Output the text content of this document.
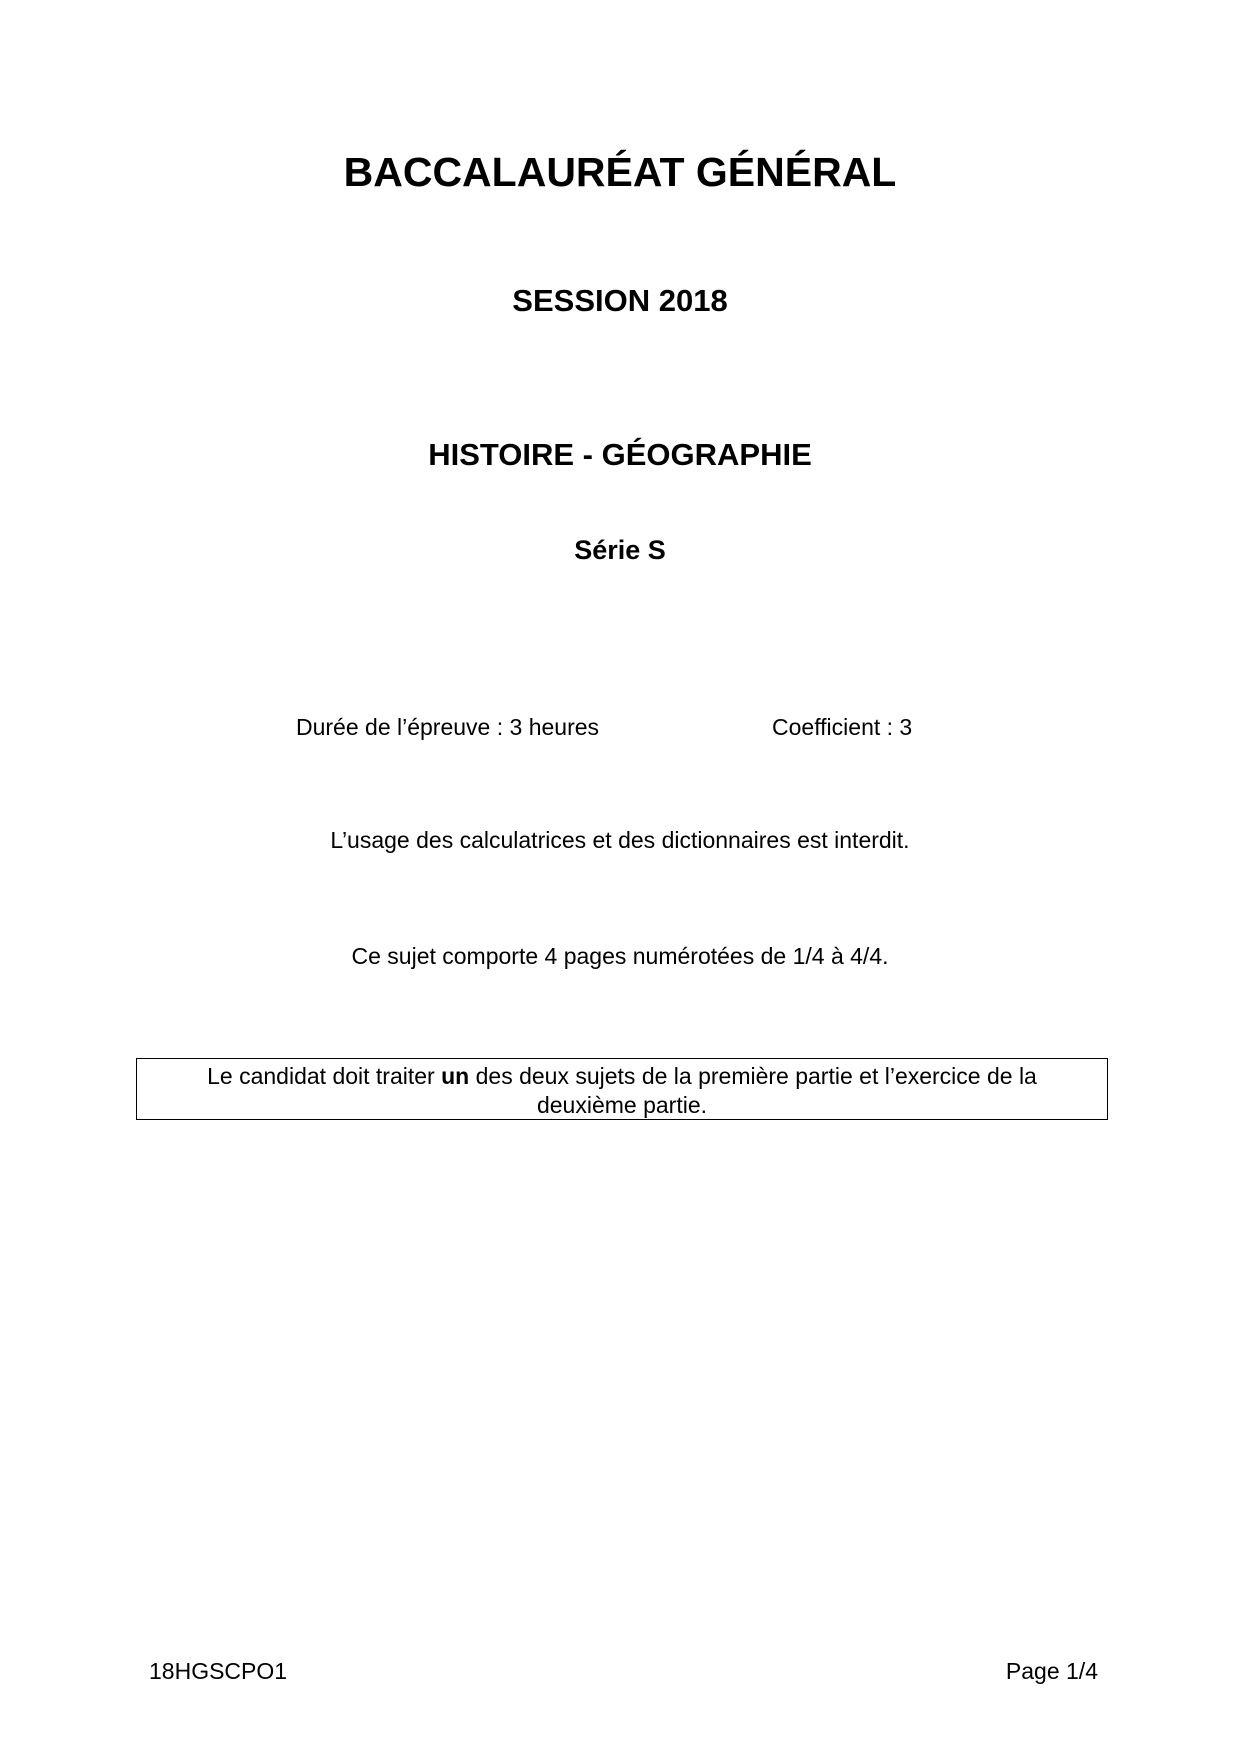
BACCALAURÉAT GÉNÉRAL
SESSION 2018
HISTOIRE - GÉOGRAPHIE
Série S
Durée de l’épreuve : 3 heures	Coefficient : 3
L’usage des calculatrices et des dictionnaires est interdit.
Ce sujet comporte 4 pages numérotées de 1/4 à 4/4.
Le candidat doit traiter un des deux sujets de la première partie et l’exercice de la
deuxième partie.
18HGSCPO1	Page 1/4
